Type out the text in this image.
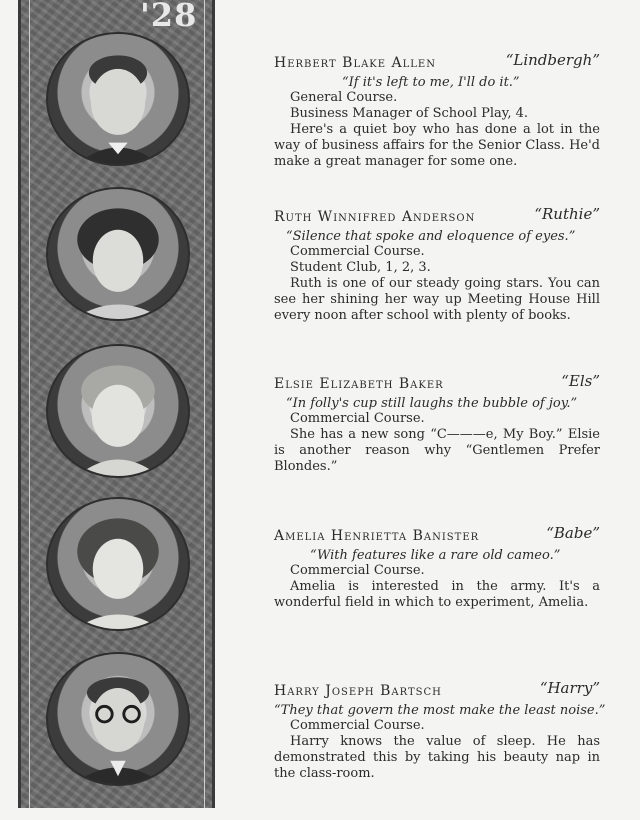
'28
Herbert Blake Allen	“Lindbergh”
“If it's left to me, I'll do it.”
General Course.
Business Manager of School Play, 4.
Here's a quiet boy who has done a lot in the way of business affairs for the Senior Class. He'd make a great manager for some one.
Ruth Winnifred Anderson	“Ruthie”
“Silence that spoke and eloquence of eyes.”
Commercial Course.
Student Club, 1, 2, 3.
Ruth is one of our steady going stars. You can see her shining her way up Meeting House Hill every noon after school with plenty of books.
Elsie Elizabeth Baker	“Els”
“In folly's cup still laughs the bubble of joy.”
Commercial Course.
She has a new song “C———e, My Boy.” Elsie is another reason why “Gentlemen Prefer Blondes.”
Amelia Henrietta Banister	“Babe”
“With features like a rare old cameo.”
Commercial Course.
Amelia is interested in the army. It's a wonderful field in which to experiment, Amelia.
Harry Joseph Bartsch	“Harry”
“They that govern the most make the least noise.”
Commercial Course.
Harry knows the value of sleep. He has demonstrated this by taking his beauty nap in the class-room.
